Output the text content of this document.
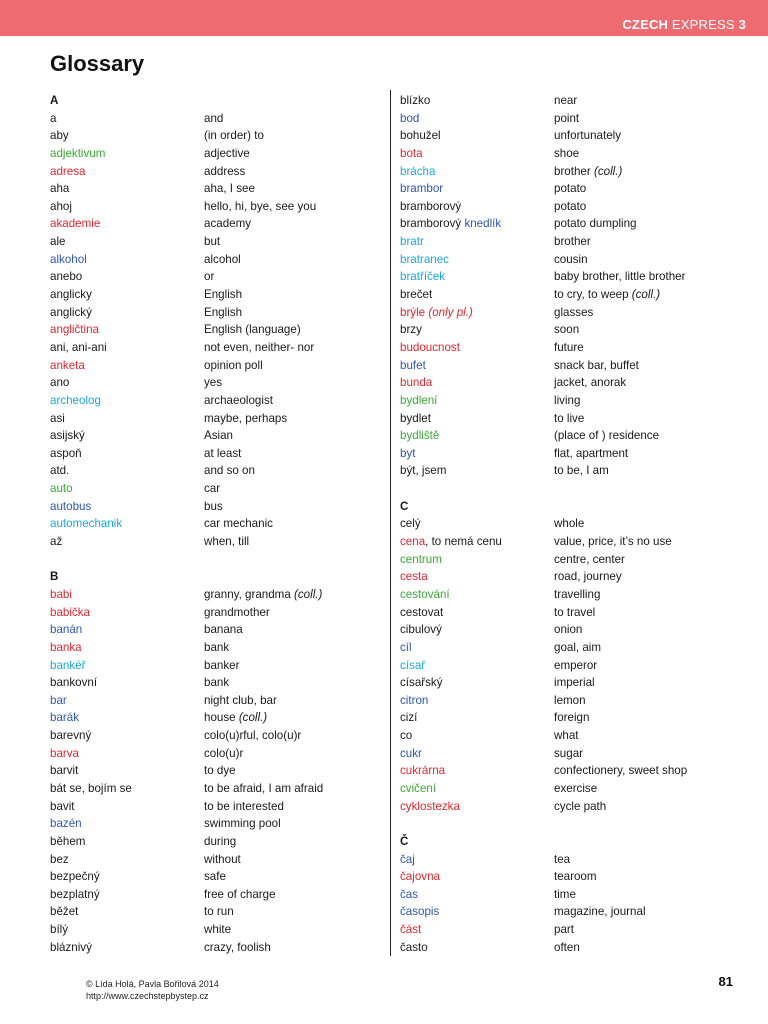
CZECH EXPRESS 3
Glossary
A
a	and
aby	(in order) to
adjektivum	adjective
adresa	address
aha	aha, I see
ahoj	hello, hi, bye, see you
akademie	academy
ale	but
alkohol	alcohol
anebo	or
anglicky	English
anglický	English
angličtina	English (language)
ani, ani-ani	not even, neither- nor
anketa	opinion poll
ano	yes
archeolog	archaeologist
asi	maybe, perhaps
asijský	Asian
aspoň	at least
atd.	and so on
auto	car
autobus	bus
automechanik	car mechanic
až	when, till
B
babi	granny, grandma (coll.)
babička	grandmother
banán	banana
banka	bank
bankéř	banker
bankovní	bank
bar	night club, bar
barák	house (coll.)
barevný	colo(u)rful, colo(u)r
barva	colo(u)r
barvit	to dye
bát se, bojím se	to be afraid, I am afraid
bavit	to be interested
bazén	swimming pool
během	during
bez	without
bezpečný	safe
bezplatný	free of charge
běžet	to run
bílý	white
bláznivý	crazy, foolish
blízko	near
bod	point
bohužel	unfortunately
bota	shoe
brácha	brother (coll.)
brambor	potato
bramborový	potato
bramborový knedlík	potato dumpling
bratr	brother
bratranec	cousin
bratříček	baby brother, little brother
brečet	to cry, to weep (coll.)
brýle (only pl.)	glasses
brzy	soon
budoucnost	future
bufet	snack bar, buffet
bunda	jacket, anorak
bydlení	living
bydlet	to live
bydliště	(place of ) residence
byt	flat, apartment
být, jsem	to be, I am
C
celý	whole
cena, to nemá cenu	value, price, it’s no use
centrum	centre, center
cesta	road, journey
cestování	travelling
cestovat	to travel
cibulový	onion
cíl	goal, aim
císař	emperor
císařský	imperial
citron	lemon
cizí	foreign
co	what
cukr	sugar
cukrárna	confectionery, sweet shop
cvičení	exercise
cyklostezka	cycle path
Č
čaj	tea
čajovna	tearoom
čas	time
časopis	magazine, journal
část	part
často	often
© Lída Holá, Pavla Bořilová 2014
http://www.czechstepbystep.cz
81
